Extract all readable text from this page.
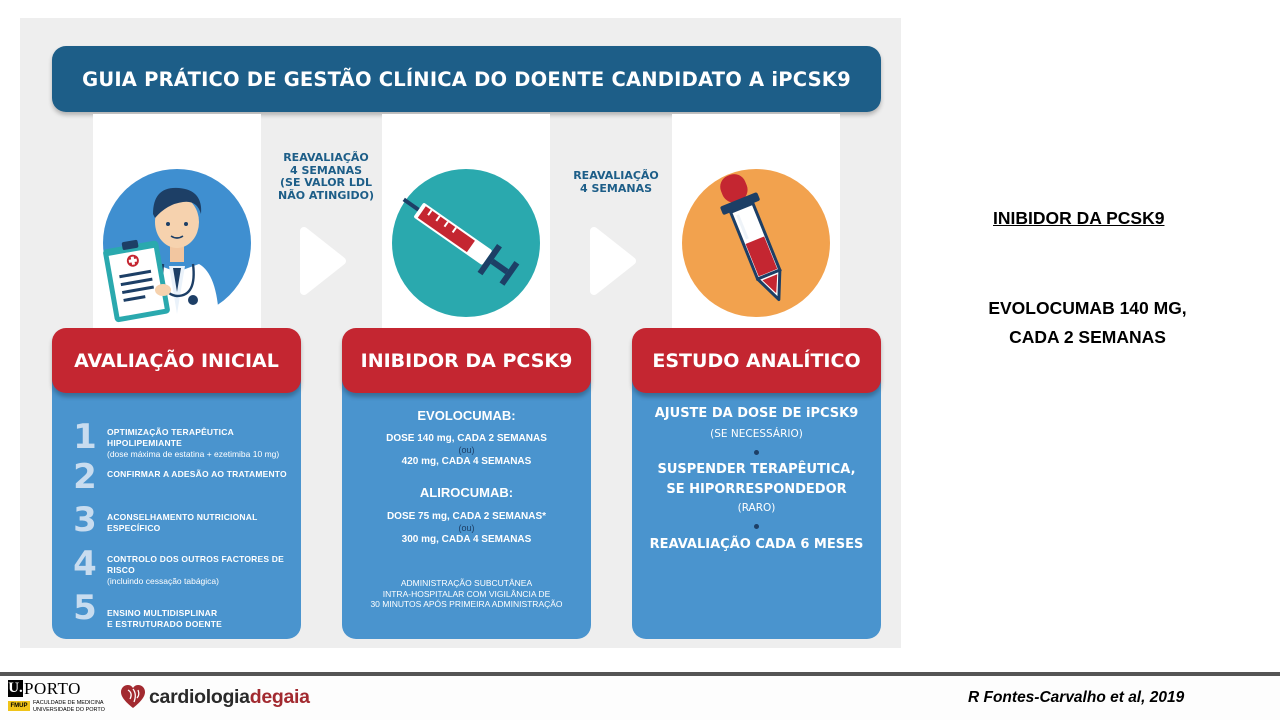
GUIA PRÁTICO DE GESTÃO CLÍNICA DO DOENTE CANDIDATO A iPCSK9
REAVALIAÇÃO
4 SEMANAS
(SE VALOR LDL
NÃO ATINGIDO)
REAVALIAÇÃO
4 SEMANAS
1	OPTIMIZAÇÃO TERAPÊUTICA HIPOLIPEMIANTE
(dose máxima de estatina + ezetimiba 10 mg)
2	CONFIRMAR A ADESÃO AO TRATAMENTO
3	ACONSELHAMENTO NUTRICIONAL ESPECÍFICO
4	CONTROLO DOS OUTROS FACTORES DE RISCO
(incluindo cessação tabágica)
5	ENSINO MULTIDISPLINAR
E ESTRUTURADO DOENTE

AVALIAÇÃO INICIAL
EVOLOCUMAB:
DOSE 140 mg, CADA 2 SEMANAS
(ou)
420 mg, CADA 4 SEMANAS
ALIROCUMAB:
DOSE 75 mg, CADA 2 SEMANAS*
(ou)
300 mg, CADA 4 SEMANAS
ADMINISTRAÇÃO SUBCUTÂNEA
INTRA-HOSPITALAR COM VIGILÂNCIA DE
30 MINUTOS APÓS PRIMEIRA ADMINISTRAÇÃO
INIBIDOR DA PCSK9
AJUSTE DA DOSE DE iPCSK9
(SE NECESSÁRIO)
SUSPENDER TERAPÊUTICA,
SE HIPORRESPONDEDOR
(RARO)
REAVALIAÇÃO CADA 6 MESES
ESTUDO ANALÍTICO
INIBIDOR DA PCSK9
EVOLOCUMAB 140 MG,
CADA 2 SEMANAS
U. PORTO
FMUP	FACULDADE DE MEDICINA
UNIVERSIDADE DO PORTO
cardiologiadegaia	R Fontes-Carvalho et al, 2019
